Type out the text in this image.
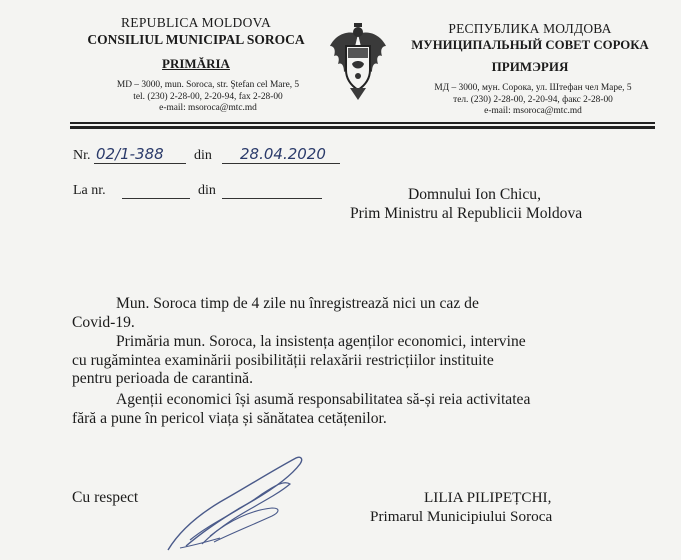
REPUBLICA MOLDOVA
CONSILIUL MUNICIPAL SOROCA
PRIMĂRIA
MD – 3000, mun. Soroca, str. Ştefan cel Mare, 5
tel. (230) 2-28-00, 2-20-94, fax 2-28-00
e-mail: msoroca@mtc.md
РЕСПУБЛИКА МОЛДОВА
МУНИЦИПАЛЬНЫЙ СОВЕТ СОРОКА
ПРИМЭРИЯ
МД – 3000, мун. Сорока, ул. Штефан чел Маре, 5
тел. (230) 2-28-00, 2-20-94, факс 2-28-00
e-mail: msoroca@mtc.md
Nr. 02/1-388 din 28.04.2020
La nr.	din	Domnului Ion Chicu,
Prim Ministru al Republicii Moldova
Mun. Soroca timp de 4 zile nu înregistrează nici un caz de
Covid-19.
Primăria mun. Soroca, la insistența agenților economici, intervine
cu rugămintea examinării posibilității relaxării restricțiilor instituite
pentru perioada de carantină.
Agenții economici își asumă responsabilitatea să-și reia activitatea
fără a pune în pericol viața și sănătatea cetățenilor.
Cu respect	LILIA PILIPEȚCHI,
Primarul Municipiului Soroca
